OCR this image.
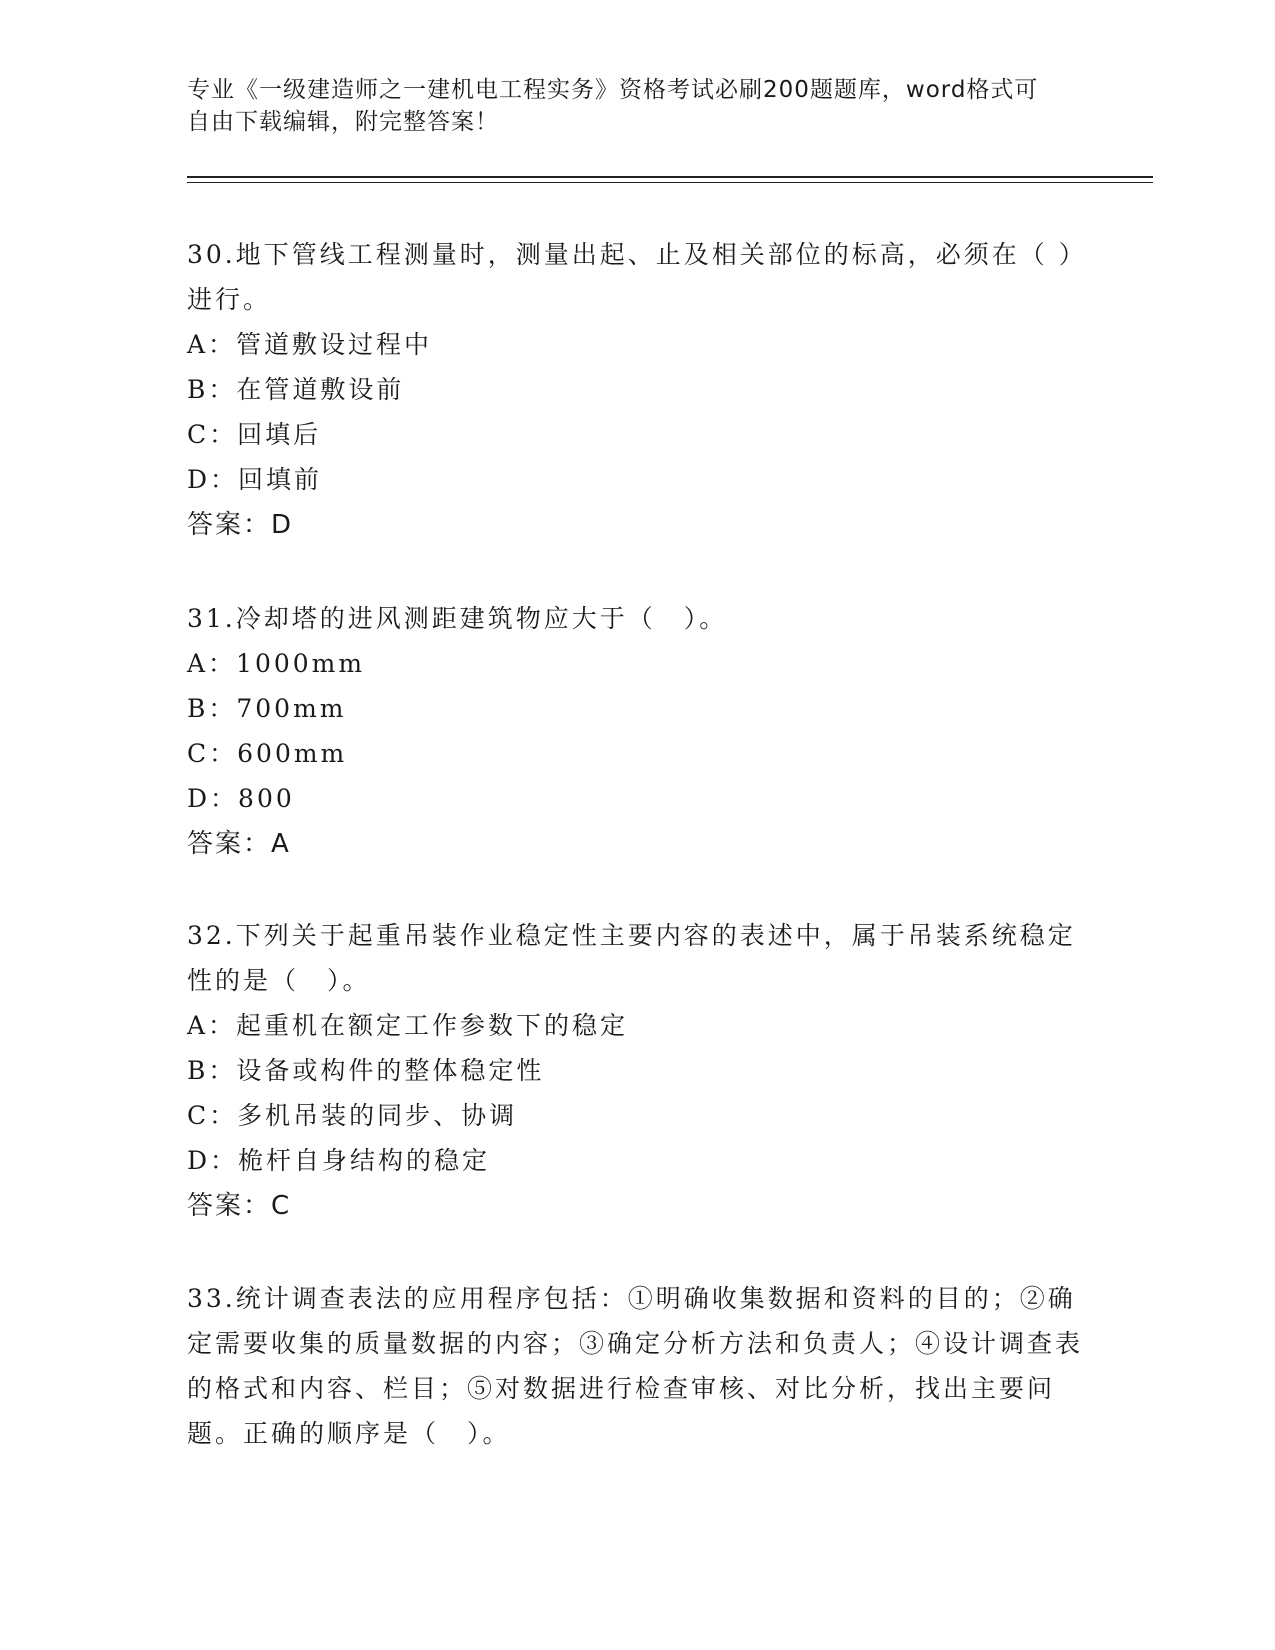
专业《一级建造师之一建机电工程实务》资格考试必刷200题题库，word格式可
自由下载编辑，附完整答案！

30.地下管线工程测量时，测量出起、止及相关部位的标高，必须在（ ）进行。

A：管道敷设过程中

B：在管道敷设前

C：回填后

D：回填前

答案：D

31.冷却塔的进风测距建筑物应大于（　）。

A：1000mm

B：700mm

C：600mm

D：800

答案：A

32.下列关于起重吊装作业稳定性主要内容的表述中，属于吊装系统稳定性的是（　）。

A：起重机在额定工作参数下的稳定

B：设备或构件的整体稳定性

C：多机吊装的同步、协调

D：桅杆自身结构的稳定

答案：C

33.统计调查表法的应用程序包括：①明确收集数据和资料的目的；②确定需要收集的质量数据的内容；③确定分析方法和负责人；④设计调查表的格式和内容、栏目；⑤对数据进行检查审核、对比分析，找出主要问题。正确的顺序是（　）。
